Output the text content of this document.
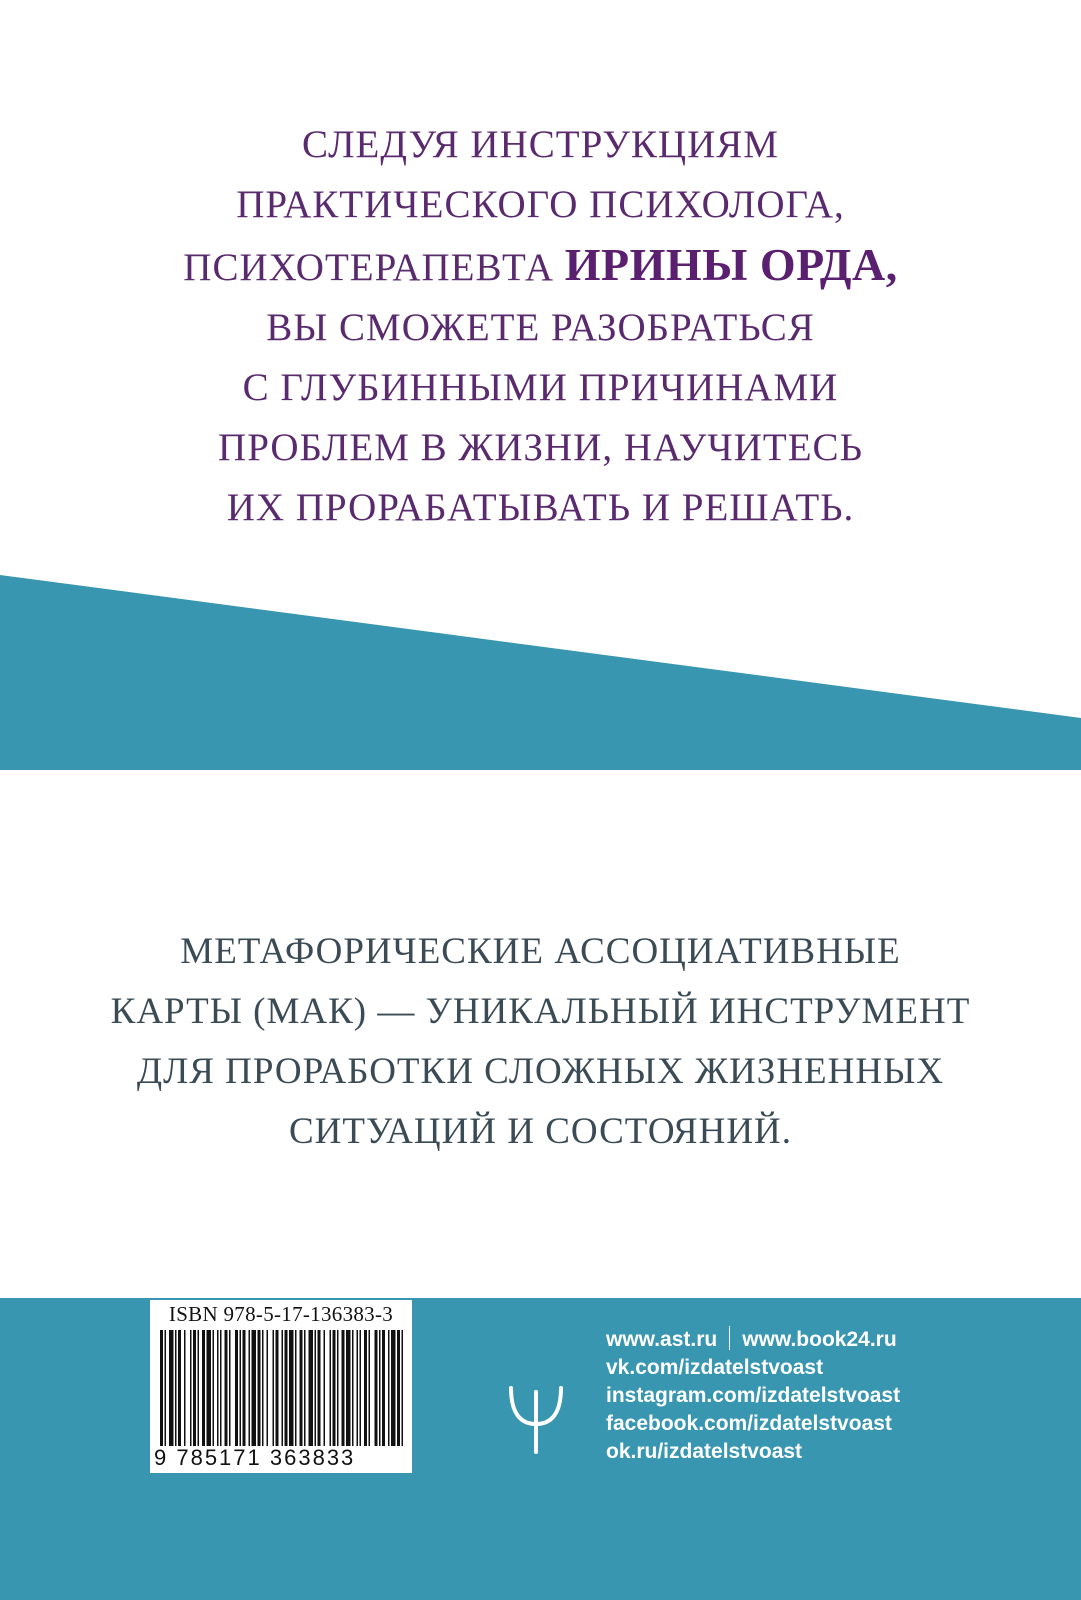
СЛЕДУЯ ИНСТРУКЦИЯМ
ПРАКТИЧЕСКОГО ПСИХОЛОГА,
ПСИХОТЕРАПЕВТА ИРИНЫ ОРДА,
ВЫ СМОЖЕТЕ РАЗОБРАТЬСЯ
С ГЛУБИННЫМИ ПРИЧИНАМИ
ПРОБЛЕМ В ЖИЗНИ, НАУЧИТЕСЬ
ИХ ПРОРАБАТЫВАТЬ И РЕШАТЬ.
МЕТАФОРИЧЕСКИЕ АССОЦИАТИВНЫЕ
КАРТЫ (МАК) — УНИКАЛЬНЫЙ ИНСТРУМЕНТ
ДЛЯ ПРОРАБОТКИ СЛОЖНЫХ ЖИЗНЕННЫХ
СИТУАЦИЙ И СОСТОЯНИЙ.
ISBN 978-5-17-136383-3
9 785171 363833
www.ast.ru www.book24.ru
vk.com/izdatelstvoast
instagram.com/izdatelstvoast
facebook.com/izdatelstvoast
ok.ru/izdatelstvoast
